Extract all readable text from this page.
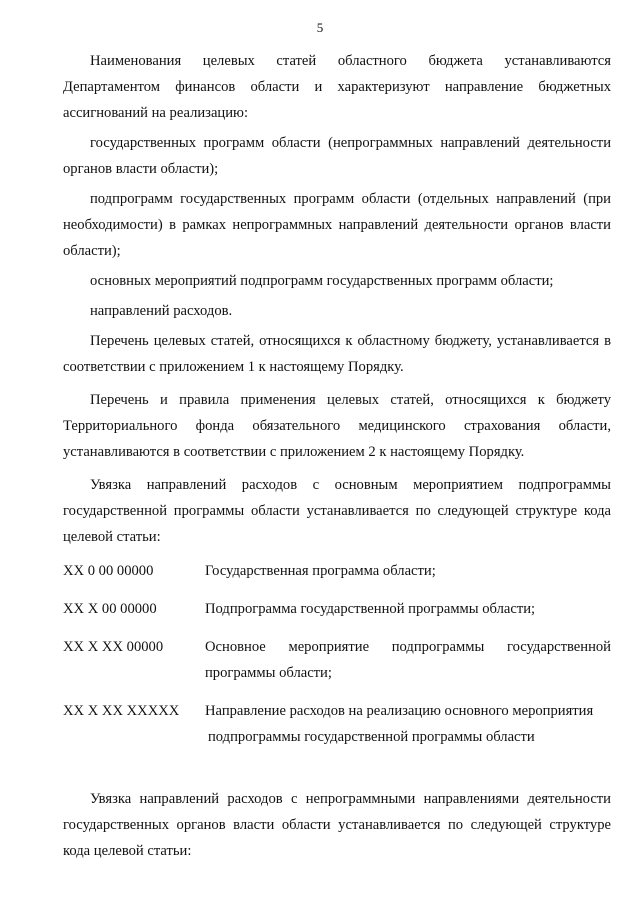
5

Наименования целевых статей областного бюджета устанавливаются Департаментом финансов области и характеризуют направление бюджетных ассигнований на реализацию:

государственных программ области (непрограммных направлений деятельности органов власти области);

подпрограмм государственных программ области (отдельных направлений (при необходимости) в рамках непрограммных направлений деятельности органов власти области);

основных мероприятий подпрограмм государственных программ области;

направлений расходов.

Перечень целевых статей, относящихся к областному бюджету, устанавливается в соответствии с приложением 1 к настоящему Порядку.

Перечень и правила применения целевых статей, относящихся к бюджету Территориального фонда обязательного медицинского страхования области, устанавливаются в соответствии с приложением 2 к настоящему Порядку.

Увязка направлений расходов с основным мероприятием подпрограммы государственной программы области устанавливается по следующей структуре кода целевой статьи:

ХХ 0 00 00000	Государственная программа области;
ХХ Х 00 00000	Подпрограмма государственной программы области;
ХХ Х ХХ 00000	Основное мероприятие подпрограммы государственной
программы области;
ХХ Х ХХ ХХХХХ	Направление расходов на реализацию основного мероприятия
подпрограммы государственной программы области

Увязка направлений расходов с непрограммными направлениями деятельности государственных органов власти области устанавливается по следующей структуре кода целевой статьи:
